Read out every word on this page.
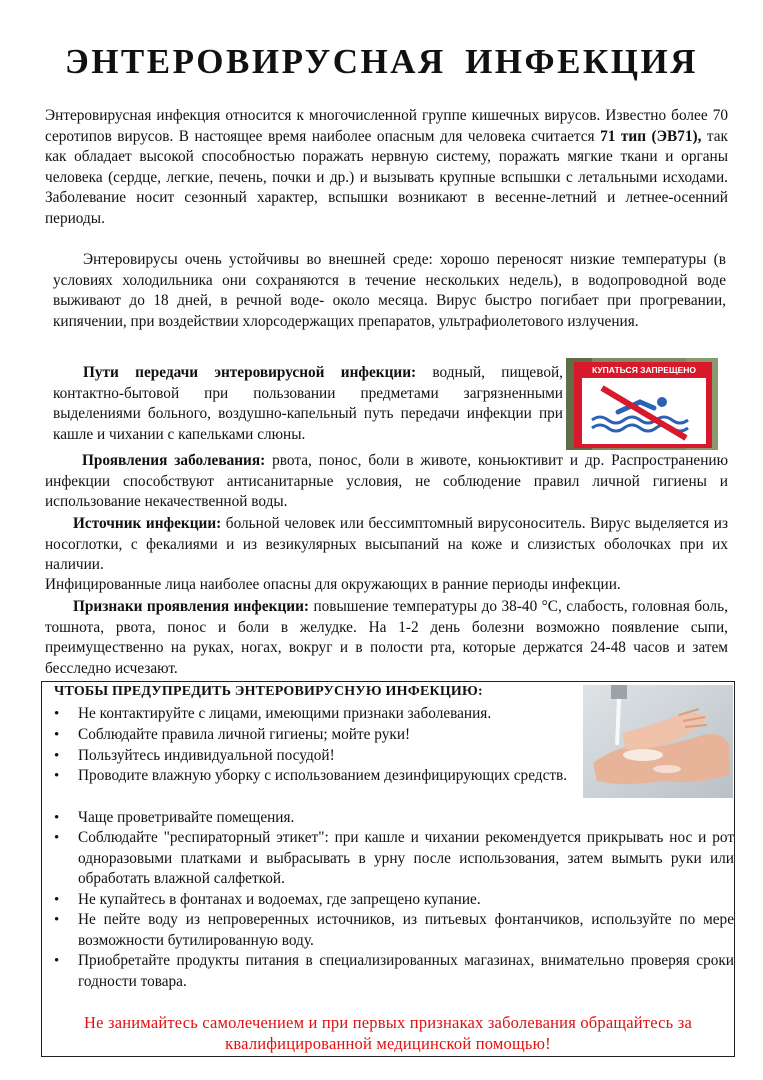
ЭНТЕРОВИРУСНАЯ ИНФЕКЦИЯ

Энтеровирусная инфекция относится к многочисленной группе кишечных вирусов. Известно более 70 серотипов вирусов. В настоящее время наиболее опасным для человека считается 71 тип (ЭВ71), так как обладает высокой способностью поражать нервную систему, поражать мягкие ткани и органы человека (сердце, легкие, печень, почки и др.) и вызывать крупные вспышки с летальными исходами. Заболевание носит сезонный характер, вспышки возникают в весенне-летний и летнее-осенний периоды.

Энтеровирусы очень устойчивы во внешней среде: хорошо переносят низкие температуры (в условиях холодильника они сохраняются в течение нескольких недель), в водопроводной воде выживают до 18 дней, в речной воде- около месяца. Вирус быстро погибает при прогревании, кипячении, при воздействии хлорсодержащих препаратов, ультрафиолетового излучения.

Пути передачи энтеровирусной инфекции: водный, пищевой, контактно-бытовой при пользовании предметами загрязненными выделениями больного, воздушно-капельный путь передачи инфекции при кашле и чихании с капельками слюны.

КУПАТЬСЯ ЗАПРЕЩЕНО

Проявления заболевания: рвота, понос, боли в животе, коньюктивит и др. Распространению инфекции способствуют антисанитарные условия, не соблюдение правил личной гигиены и использование некачественной воды.

Источник инфекции: больной человек или бессимптомный вирусоноситель. Вирус выделяется из носоглотки, с фекалиями и из везикулярных высыпаний на коже и слизистых оболочках при их наличии.

Инфицированные лица наиболее опасны для окружающих в ранние периоды инфекции.

Признаки проявления инфекции: повышение температуры до 38-40 °С, слабость, головная боль, тошнота, рвота, понос и боли в желудке. На 1-2 день болезни возможно появление сыпи, преимущественно на руках, ногах, вокруг и в полости рта, которые держатся 24-48 часов и затем бесследно исчезают.

ЧТОБЫ ПРЕДУПРЕДИТЬ ЭНТЕРОВИРУСНУЮ ИНФЕКЦИЮ:

• Не контактируйте с лицами, имеющими признаки заболевания.

• Соблюдайте правила личной гигиены; мойте руки!

• Пользуйтесь индивидуальной посудой!

• Проводите влажную уборку с использованием дезинфицирующих средств.

• Чаще проветривайте помещения.

• Соблюдайте "респираторный этикет": при кашле и чихании рекомендуется прикрывать нос и рот одноразовыми платками и выбрасывать в урну после использования, затем вымыть руки или обработать влажной салфеткой.

• Не купайтесь в фонтанах и водоемах, где запрещено купание.

• Не пейте воду из непроверенных источников, из питьевых фонтанчиков, используйте по мере возможности бутилированную воду.

• Приобретайте продукты питания в специализированных магазинах, внимательно проверяя сроки годности товара.

Не занимайтесь самолечением и при первых признаках заболевания обращайтесь за квалифицированной медицинской помощью!
